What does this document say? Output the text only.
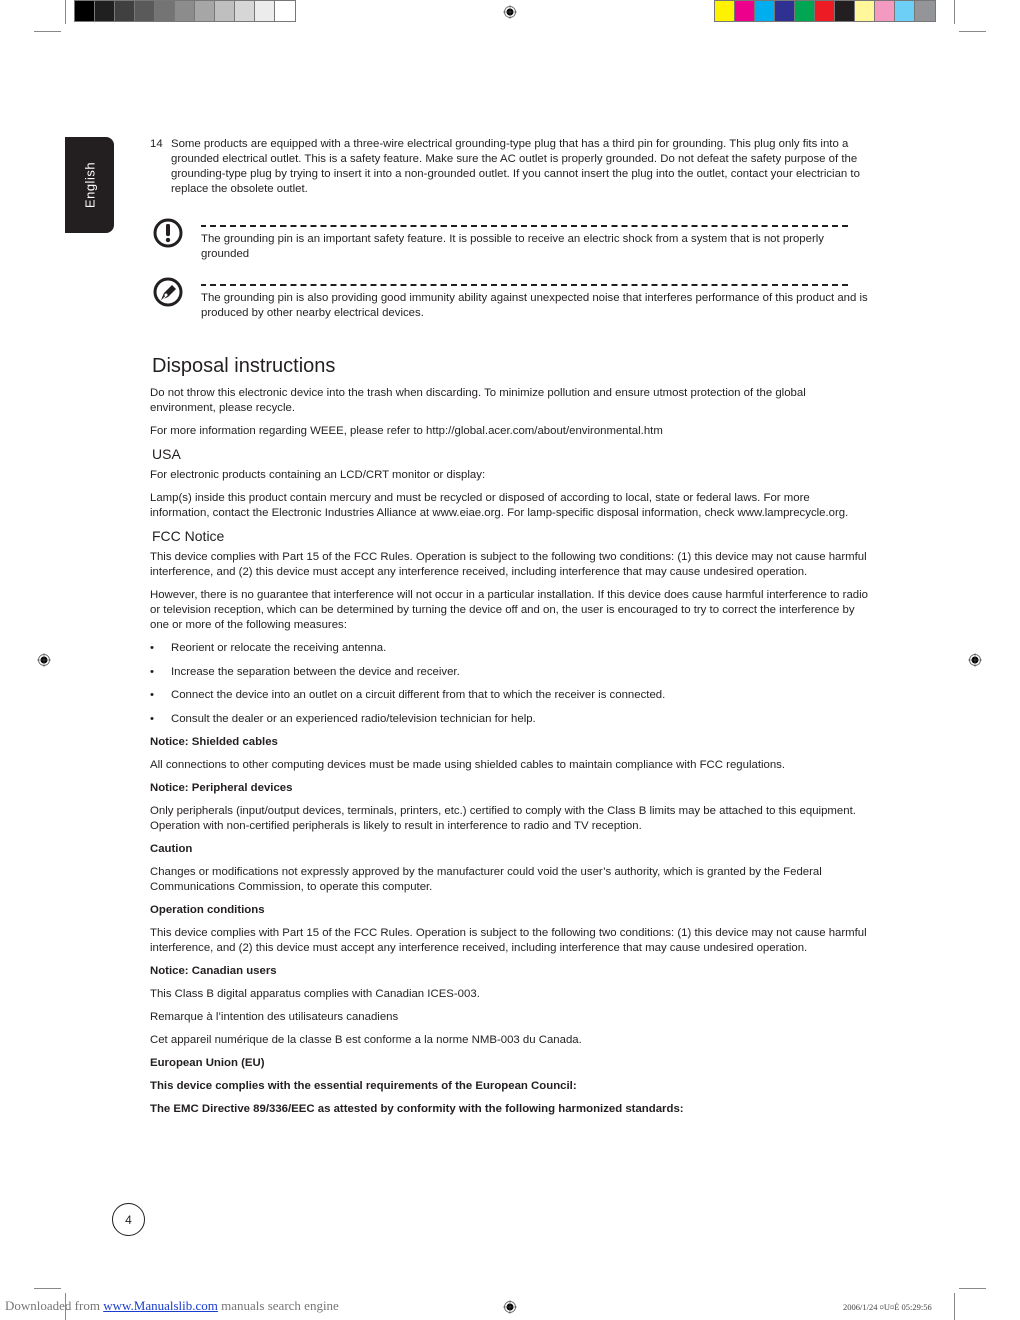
English

14 Some products are equipped with a three-wire electrical grounding-type plug that has a third pin for grounding. This plug only fits into a grounded electrical outlet. This is a safety feature. Make sure the AC outlet is properly grounded. Do not defeat the safety purpose of the grounding-type plug by trying to insert it into a non-grounded outlet. If you cannot insert the plug into the outlet, contact your electrician to replace the obsolete outlet.

The grounding pin is an important safety feature. It is possible to receive an electric shock from a system that is not properly grounded

The grounding pin is also providing good immunity ability against unexpected noise that interferes performance of this product and is produced by other nearby electrical devices.

Disposal instructions

Do not throw this electronic device into the trash when discarding. To minimize pollution and ensure utmost protection of the global environment, please recycle.

For more information regarding WEEE, please refer to http://global.acer.com/about/environmental.htm

USA

For electronic products containing an LCD/CRT monitor or display:

Lamp(s) inside this product contain mercury and must be recycled or disposed of according to local, state or federal laws. For more information, contact the Electronic Industries Alliance at www.eiae.org. For lamp-specific disposal information, check www.lamprecycle.org.

FCC Notice

This device complies with Part 15 of the FCC Rules. Operation is subject to the following two conditions: (1) this device may not cause harmful interference, and (2) this device must accept any interference received, including interference that may cause undesired operation.

However, there is no guarantee that interference will not occur in a particular installation. If this device does cause harmful interference to radio or television reception, which can be determined by turning the device off and on, the user is encouraged to try to correct the interference by one or more of the following measures:

• Reorient or relocate the receiving antenna.
• Increase the separation between the device and receiver.
• Connect the device into an outlet on a circuit different from that to which the receiver is connected.
• Consult the dealer or an experienced radio/television technician for help.

Notice: Shielded cables

All connections to other computing devices must be made using shielded cables to maintain compliance with FCC regulations.

Notice: Peripheral devices

Only peripherals (input/output devices, terminals, printers, etc.) certified to comply with the Class B limits may be attached to this equipment. Operation with non-certified peripherals is likely to result in interference to radio and TV reception.

Caution

Changes or modifications not expressly approved by the manufacturer could void the user’s authority, which is granted by the Federal Communications Commission, to operate this computer.

Operation conditions

This device complies with Part 15 of the FCC Rules. Operation is subject to the following two conditions: (1) this device may not cause harmful interference, and (2) this device must accept any interference received, including interference that may cause undesired operation.

Notice: Canadian users

This Class B digital apparatus complies with Canadian ICES-003.

Remarque à l’intention des utilisateurs canadiens

Cet appareil numérique de la classe B est conforme a la norme NMB-003 du Canada.

European Union (EU)

This device complies with the essential requirements of the European Council:

The EMC Directive 89/336/EEC as attested by conformity with the following harmonized standards:

4
Downloaded from www.Manualslib.com manuals search engine	2006/1/24 ¤U¤È 05:29:56
